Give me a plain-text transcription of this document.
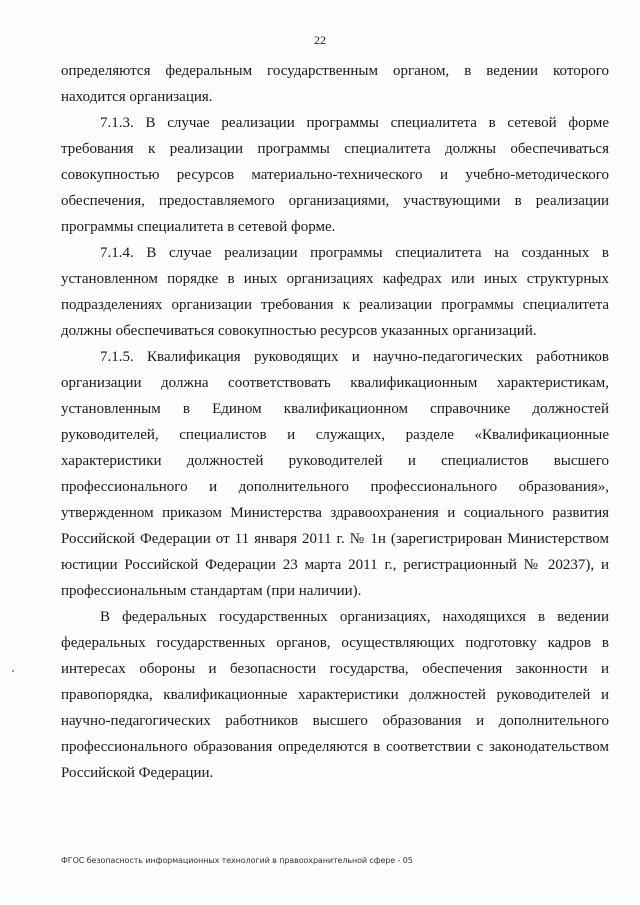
22

определяются федеральным государственным органом, в ведении которого находится организация.

7.1.3. В случае реализации программы специалитета в сетевой форме требования к реализации программы специалитета должны обеспечиваться совокупностью ресурсов материально-технического и учебно-методического обеспечения, предоставляемого организациями, участвующими в реализации программы специалитета в сетевой форме.

7.1.4. В случае реализации программы специалитета на созданных в установленном порядке в иных организациях кафедрах или иных структурных подразделениях организации требования к реализации программы специалитета должны обеспечиваться совокупностью ресурсов указанных организаций.

7.1.5. Квалификация руководящих и научно-педагогических работников организации должна соответствовать квалификационным характеристикам, установленным в Едином квалификационном справочнике должностей руководителей, специалистов и служащих, разделе «Квалификационные характеристики должностей руководителей и специалистов высшего профессионального и дополнительного профессионального образования», утвержденном приказом Министерства здравоохранения и социального развития Российской Федерации от 11 января 2011 г. № 1н (зарегистрирован Министерством юстиции Российской Федерации 23 марта 2011 г., регистрационный № 20237), и профессиональным стандартам (при наличии).

В федеральных государственных организациях, находящихся в ведении федеральных государственных органов, осуществляющих подготовку кадров в интересах обороны и безопасности государства, обеспечения законности и правопорядка, квалификационные характеристики должностей руководителей и научно-педагогических работников высшего образования и дополнительного профессионального образования определяются в соответствии с законодательством Российской Федерации.

ФГОС безопасность информационных технологий в правоохранительной сфере - 05
